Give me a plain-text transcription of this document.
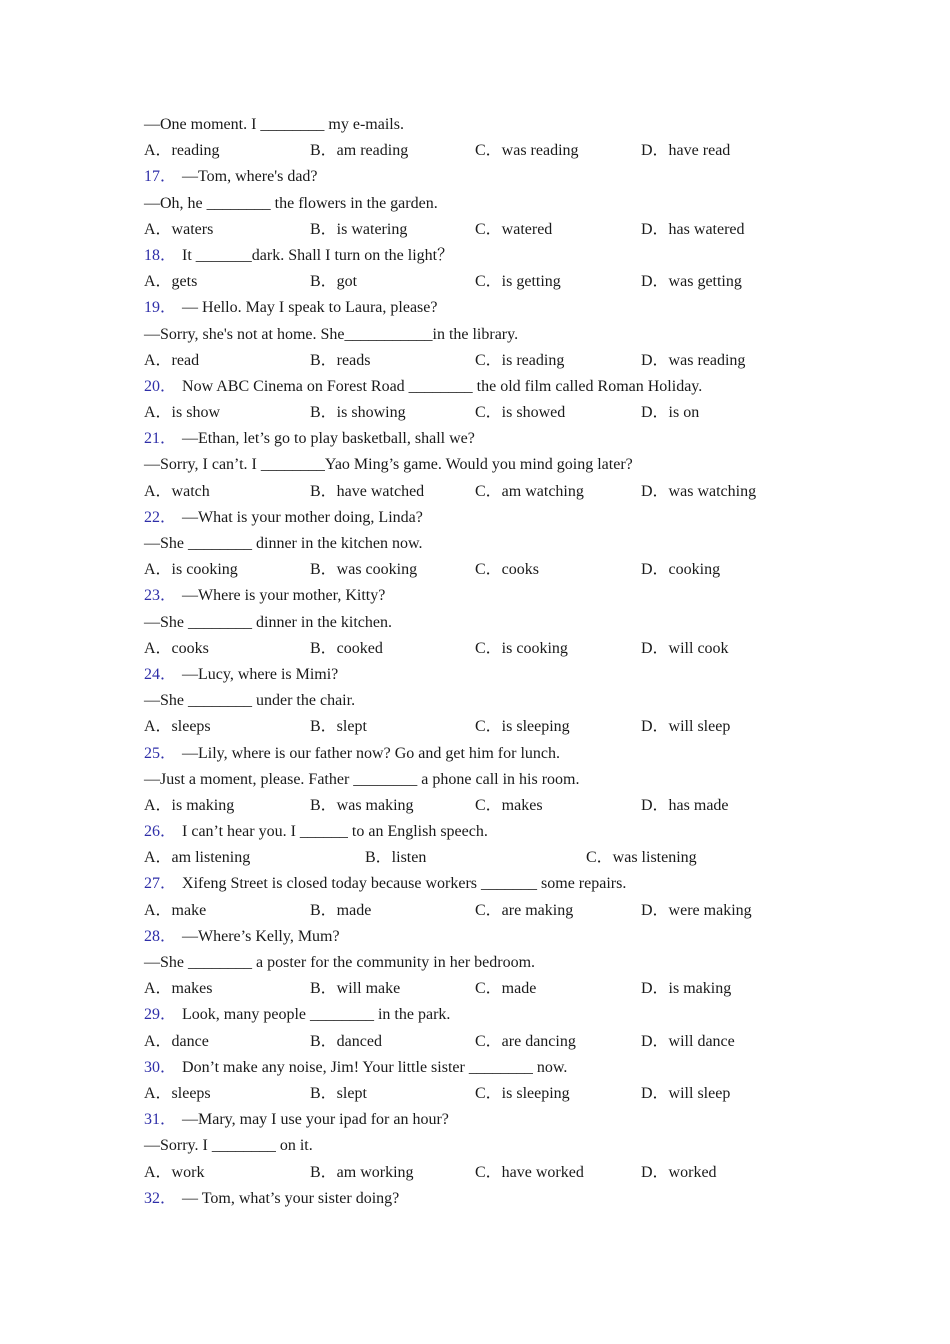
—One moment. I ________ my e-mails.
A．reading	B．am reading	C．was reading	D．have read
17． —Tom, where's dad?
—Oh, he ________ the flowers in the garden.
A．waters	B．is watering	C．watered	D．has watered
18． It _______dark. Shall I turn on the light？
A．gets	B．got	C．is getting	D．was getting
19． — Hello. May I speak to Laura, please?
—Sorry, she's not at home. She___________in the library.
A．read	B．reads	C．is reading	D．was reading
20． Now ABC Cinema on Forest Road ________ the old film called Roman Holiday.
A．is show	B．is showing	C．is showed	D．is on
21． —Ethan, let’s go to play basketball, shall we?
—Sorry, I can’t. I ________Yao Ming’s game. Would you mind going later?
A．watch	B．have watched	C．am watching	D．was watching
22． —What is your mother doing, Linda?
—She ________ dinner in the kitchen now.
A．is cooking	B．was cooking	C．cooks	D．cooking
23． —Where is your mother, Kitty?
—She ________ dinner in the kitchen.
A．cooks	B．cooked	C．is cooking	D．will cook
24． —Lucy, where is Mimi?
—She ________ under the chair.
A．sleeps	B．slept	C．is sleeping	D．will sleep
25． —Lily, where is our father now? Go and get him for lunch.
—Just a moment, please. Father ________ a phone call in his room.
A．is making	B．was making	C．makes	D．has made
26． I can’t hear you. I ______ to an English speech.
A．am listening	B．listen	C．was listening
27． Xifeng Street is closed today because workers _______ some repairs.
A．make	B．made	C．are making	D．were making
28． —Where’s Kelly, Mum?
—She ________ a poster for the community in her bedroom.
A．makes	B．will make	C．made	D．is making
29． Look, many people ________ in the park.
A．dance	B．danced	C．are dancing	D．will dance
30． Don’t make any noise, Jim! Your little sister ________ now.
A．sleeps	B．slept	C．is sleeping	D．will sleep
31． —Mary, may I use your ipad for an hour?
—Sorry. I ________ on it.
A．work	B．am working	C．have worked	D．worked
32． — Tom, what’s your sister doing?
